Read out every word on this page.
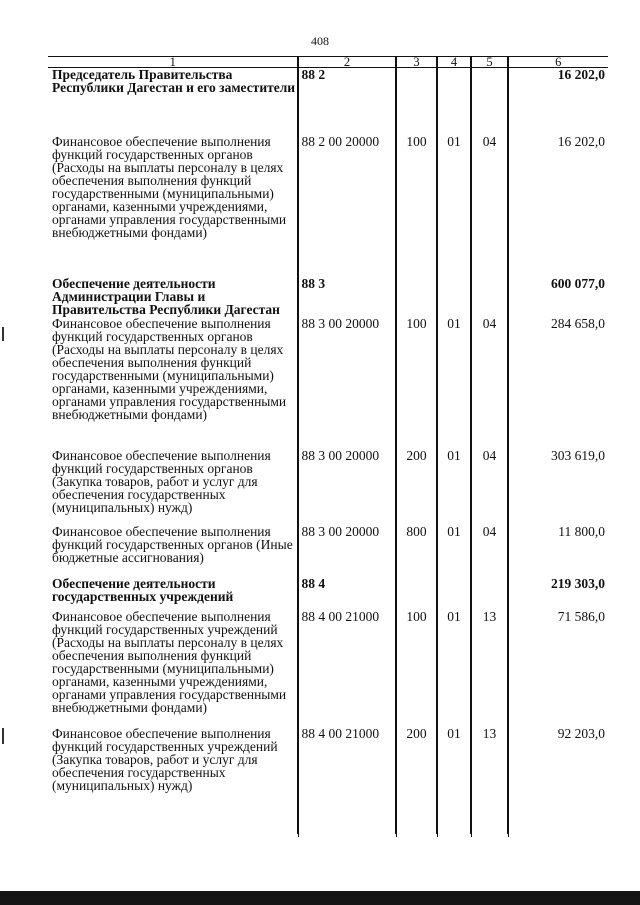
408
1	2	3	4	5	6
Председатель Правительства Республики Дагестан и его заместители	88 2				16 202,0
Финансовое обеспечение выполнения функций государственных органов (Расходы на выплаты персоналу в целях обеспечения выполнения функций государственными (муниципальными) органами, казенными учреждениями, органами управления государственными внебюджетными фондами)	88 2 00 20000	100	01	04	16 202,0
Обеспечение деятельности Администрации Главы и Правительства Республики Дагестан	88 3				600 077,0
Финансовое обеспечение выполнения функций государственных органов (Расходы на выплаты персоналу в целях обеспечения выполнения функций государственными (муниципальными) органами, казенными учреждениями, органами управления государственными внебюджетными фондами)	88 3 00 20000	100	01	04	284 658,0
Финансовое обеспечение выполнения функций государственных органов (Закупка товаров, работ и услуг для обеспечения государственных (муниципальных) нужд)	88 3 00 20000	200	01	04	303 619,0
Финансовое обеспечение выполнения функций государственных органов (Иные бюджетные ассигнования)	88 3 00 20000	800	01	04	11 800,0
Обеспечение деятельности государственных учреждений	88 4				219 303,0
Финансовое обеспечение выполнения функций государственных учреждений (Расходы на выплаты персоналу в целях обеспечения выполнения функций государственными (муниципальными) органами, казенными учреждениями, органами управления государственными внебюджетными фондами)	88 4 00 21000	100	01	13	71 586,0
Финансовое обеспечение выполнения функций государственных учреждений (Закупка товаров, работ и услуг для обеспечения государственных (муниципальных) нужд)	88 4 00 21000	200	01	13	92 203,0
